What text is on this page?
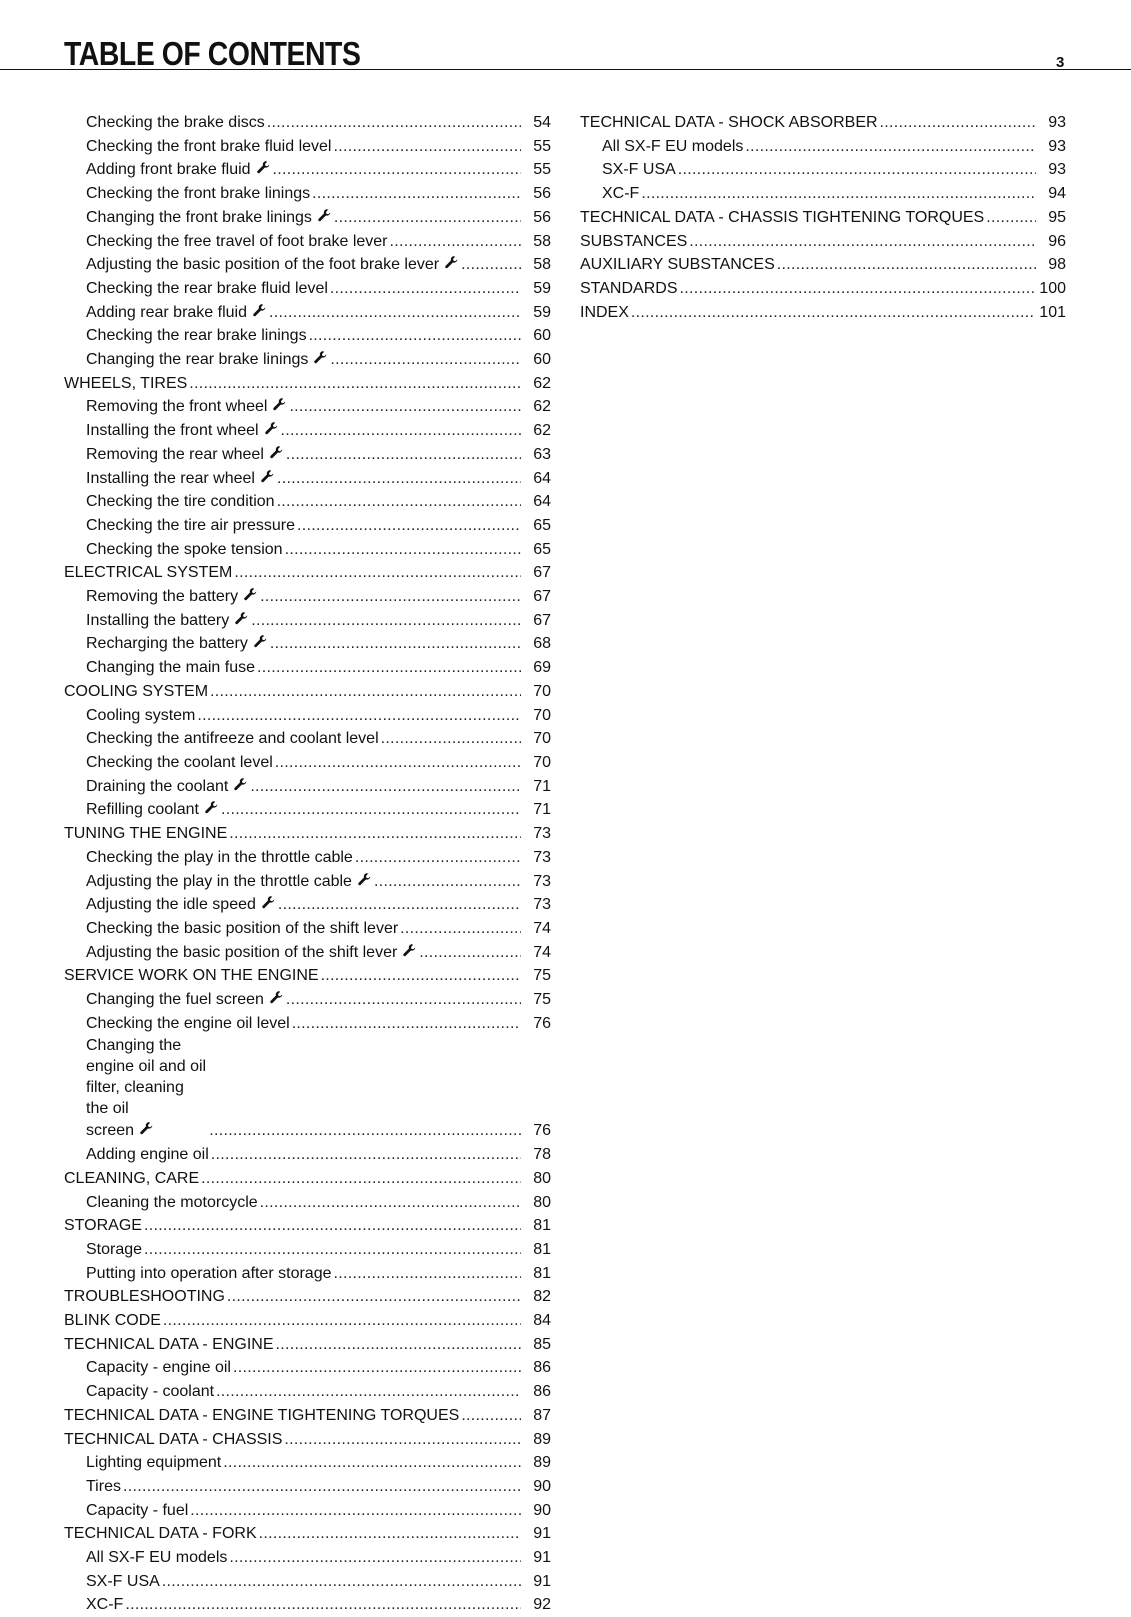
TABLE OF CONTENTS	3
Checking the brake discs .....	54
Checking the front brake fluid level .....	55
Adding front brake fluid .....	55
Checking the front brake linings .....	56
Changing the front brake linings .....	56
Checking the free travel of foot brake lever .....	58
Adjusting the basic position of the foot brake lever .....	58
Checking the rear brake fluid level .....	59
Adding rear brake fluid .....	59
Checking the rear brake linings .....	60
Changing the rear brake linings .....	60
WHEELS, TIRES .....	62
Removing the front wheel .....	62
Installing the front wheel .....	62
Removing the rear wheel .....	63
Installing the rear wheel .....	64
Checking the tire condition .....	64
Checking the tire air pressure .....	65
Checking the spoke tension .....	65
ELECTRICAL SYSTEM .....	67
Removing the battery .....	67
Installing the battery .....	67
Recharging the battery .....	68
Changing the main fuse .....	69
COOLING SYSTEM .....	70
Cooling system .....	70
Checking the antifreeze and coolant level .....	70
Checking the coolant level .....	70
Draining the coolant .....	71
Refilling coolant .....	71
TUNING THE ENGINE .....	73
Checking the play in the throttle cable .....	73
Adjusting the play in the throttle cable .....	73
Adjusting the idle speed .....	73
Checking the basic position of the shift lever .....	74
Adjusting the basic position of the shift lever .....	74
SERVICE WORK ON THE ENGINE .....	75
Changing the fuel screen .....	75
Checking the engine oil level .....	76
Changing the engine oil and oil filter, cleaning the oil
screen .....	76
Adding engine oil .....	78
CLEANING, CARE .....	80
Cleaning the motorcycle .....	80
STORAGE .....	81
Storage .....	81
Putting into operation after storage .....	81
TROUBLESHOOTING .....	82
BLINK CODE .....	84
TECHNICAL DATA - ENGINE .....	85
Capacity - engine oil .....	86
Capacity - coolant .....	86
TECHNICAL DATA - ENGINE TIGHTENING TORQUES .....	87
TECHNICAL DATA - CHASSIS .....	89
Lighting equipment .....	89
Tires .....	90
Capacity - fuel .....	90
TECHNICAL DATA - FORK .....	91
All SX-F EU models .....	91
SX-F USA .....	91
XC-F .....	92
TECHNICAL DATA - SHOCK ABSORBER .....	93
All SX-F EU models .....	93
SX-F USA .....	93
XC-F .....	94
TECHNICAL DATA - CHASSIS TIGHTENING TORQUES .....	95
SUBSTANCES .....	96
AUXILIARY SUBSTANCES .....	98
STANDARDS .....	100
INDEX .....	101
